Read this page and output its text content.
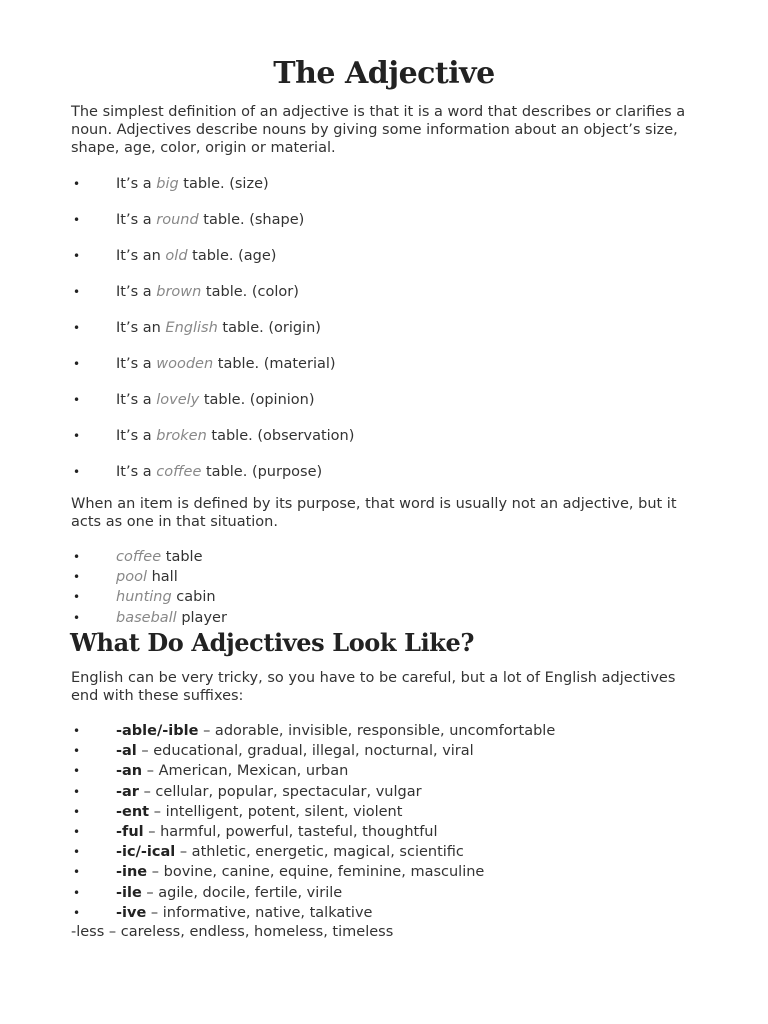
The Adjective

The simplest definition of an adjective is that it is a word that describes or clarifies a noun. Adjectives describe nouns by giving some information about an object’s size, shape, age, color, origin or material.

• It’s a big table. (size)
• It’s a round table. (shape)
• It’s an old table. (age)
• It’s a brown table. (color)
• It’s an English table. (origin)
• It’s a wooden table. (material)
• It’s a lovely table. (opinion)
• It’s a broken table. (observation)
• It’s a coffee table. (purpose)

When an item is defined by its purpose, that word is usually not an adjective, but it acts as one in that situation.

• coffee table
• pool hall
• hunting cabin
• baseball player
What Do Adjectives Look Like?

English can be very tricky, so you have to be careful, but a lot of English adjectives end with these suffixes:

• -able/-ible – adorable, invisible, responsible, uncomfortable
• -al – educational, gradual, illegal, nocturnal, viral
• -an – American, Mexican, urban
• -ar – cellular, popular, spectacular, vulgar
• -ent – intelligent, potent, silent, violent
• -ful – harmful, powerful, tasteful, thoughtful
• -ic/-ical – athletic, energetic, magical, scientific
• -ine – bovine, canine, equine, feminine, masculine
• -ile – agile, docile, fertile, virile
• -ive – informative, native, talkative

-less – careless, endless, homeless, timeless
